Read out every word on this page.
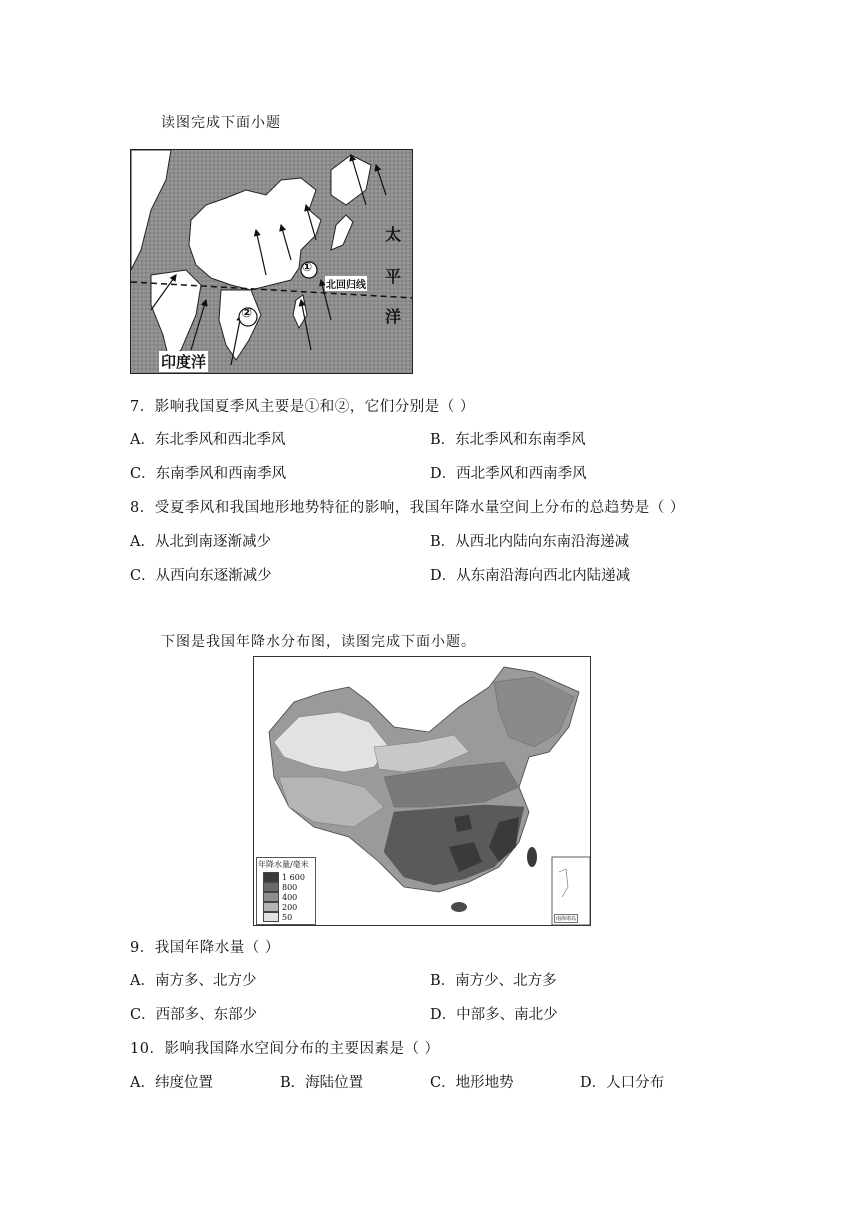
读图完成下面小题
①
②
北回归线
太
平
洋
印度洋
7．影响我国夏季风主要是①和②，它们分别是（ ）
A．东北季风和西北季风	B．东北季风和东南季风
C．东南季风和西南季风	D．西北季风和西南季风
8．受夏季风和我国地形地势特征的影响，我国年降水量空间上分布的总趋势是（ ）
A．从北到南逐渐减少	B．从西北内陆向东南沿海递减
C．从西向东逐渐减少	D．从东南沿海向西北内陆递减
下图是我国年降水分布图，读图完成下面小题。
年降水量/毫米
1 600
800
400
200
50	南海诸岛
9．我国年降水量（ ）
A．南方多、北方少	B．南方少、北方多
C．西部多、东部少	D．中部多、南北少
10．影响我国降水空间分布的主要因素是（ ）
A．纬度位置	B．海陆位置	C．地形地势	D．人口分布
